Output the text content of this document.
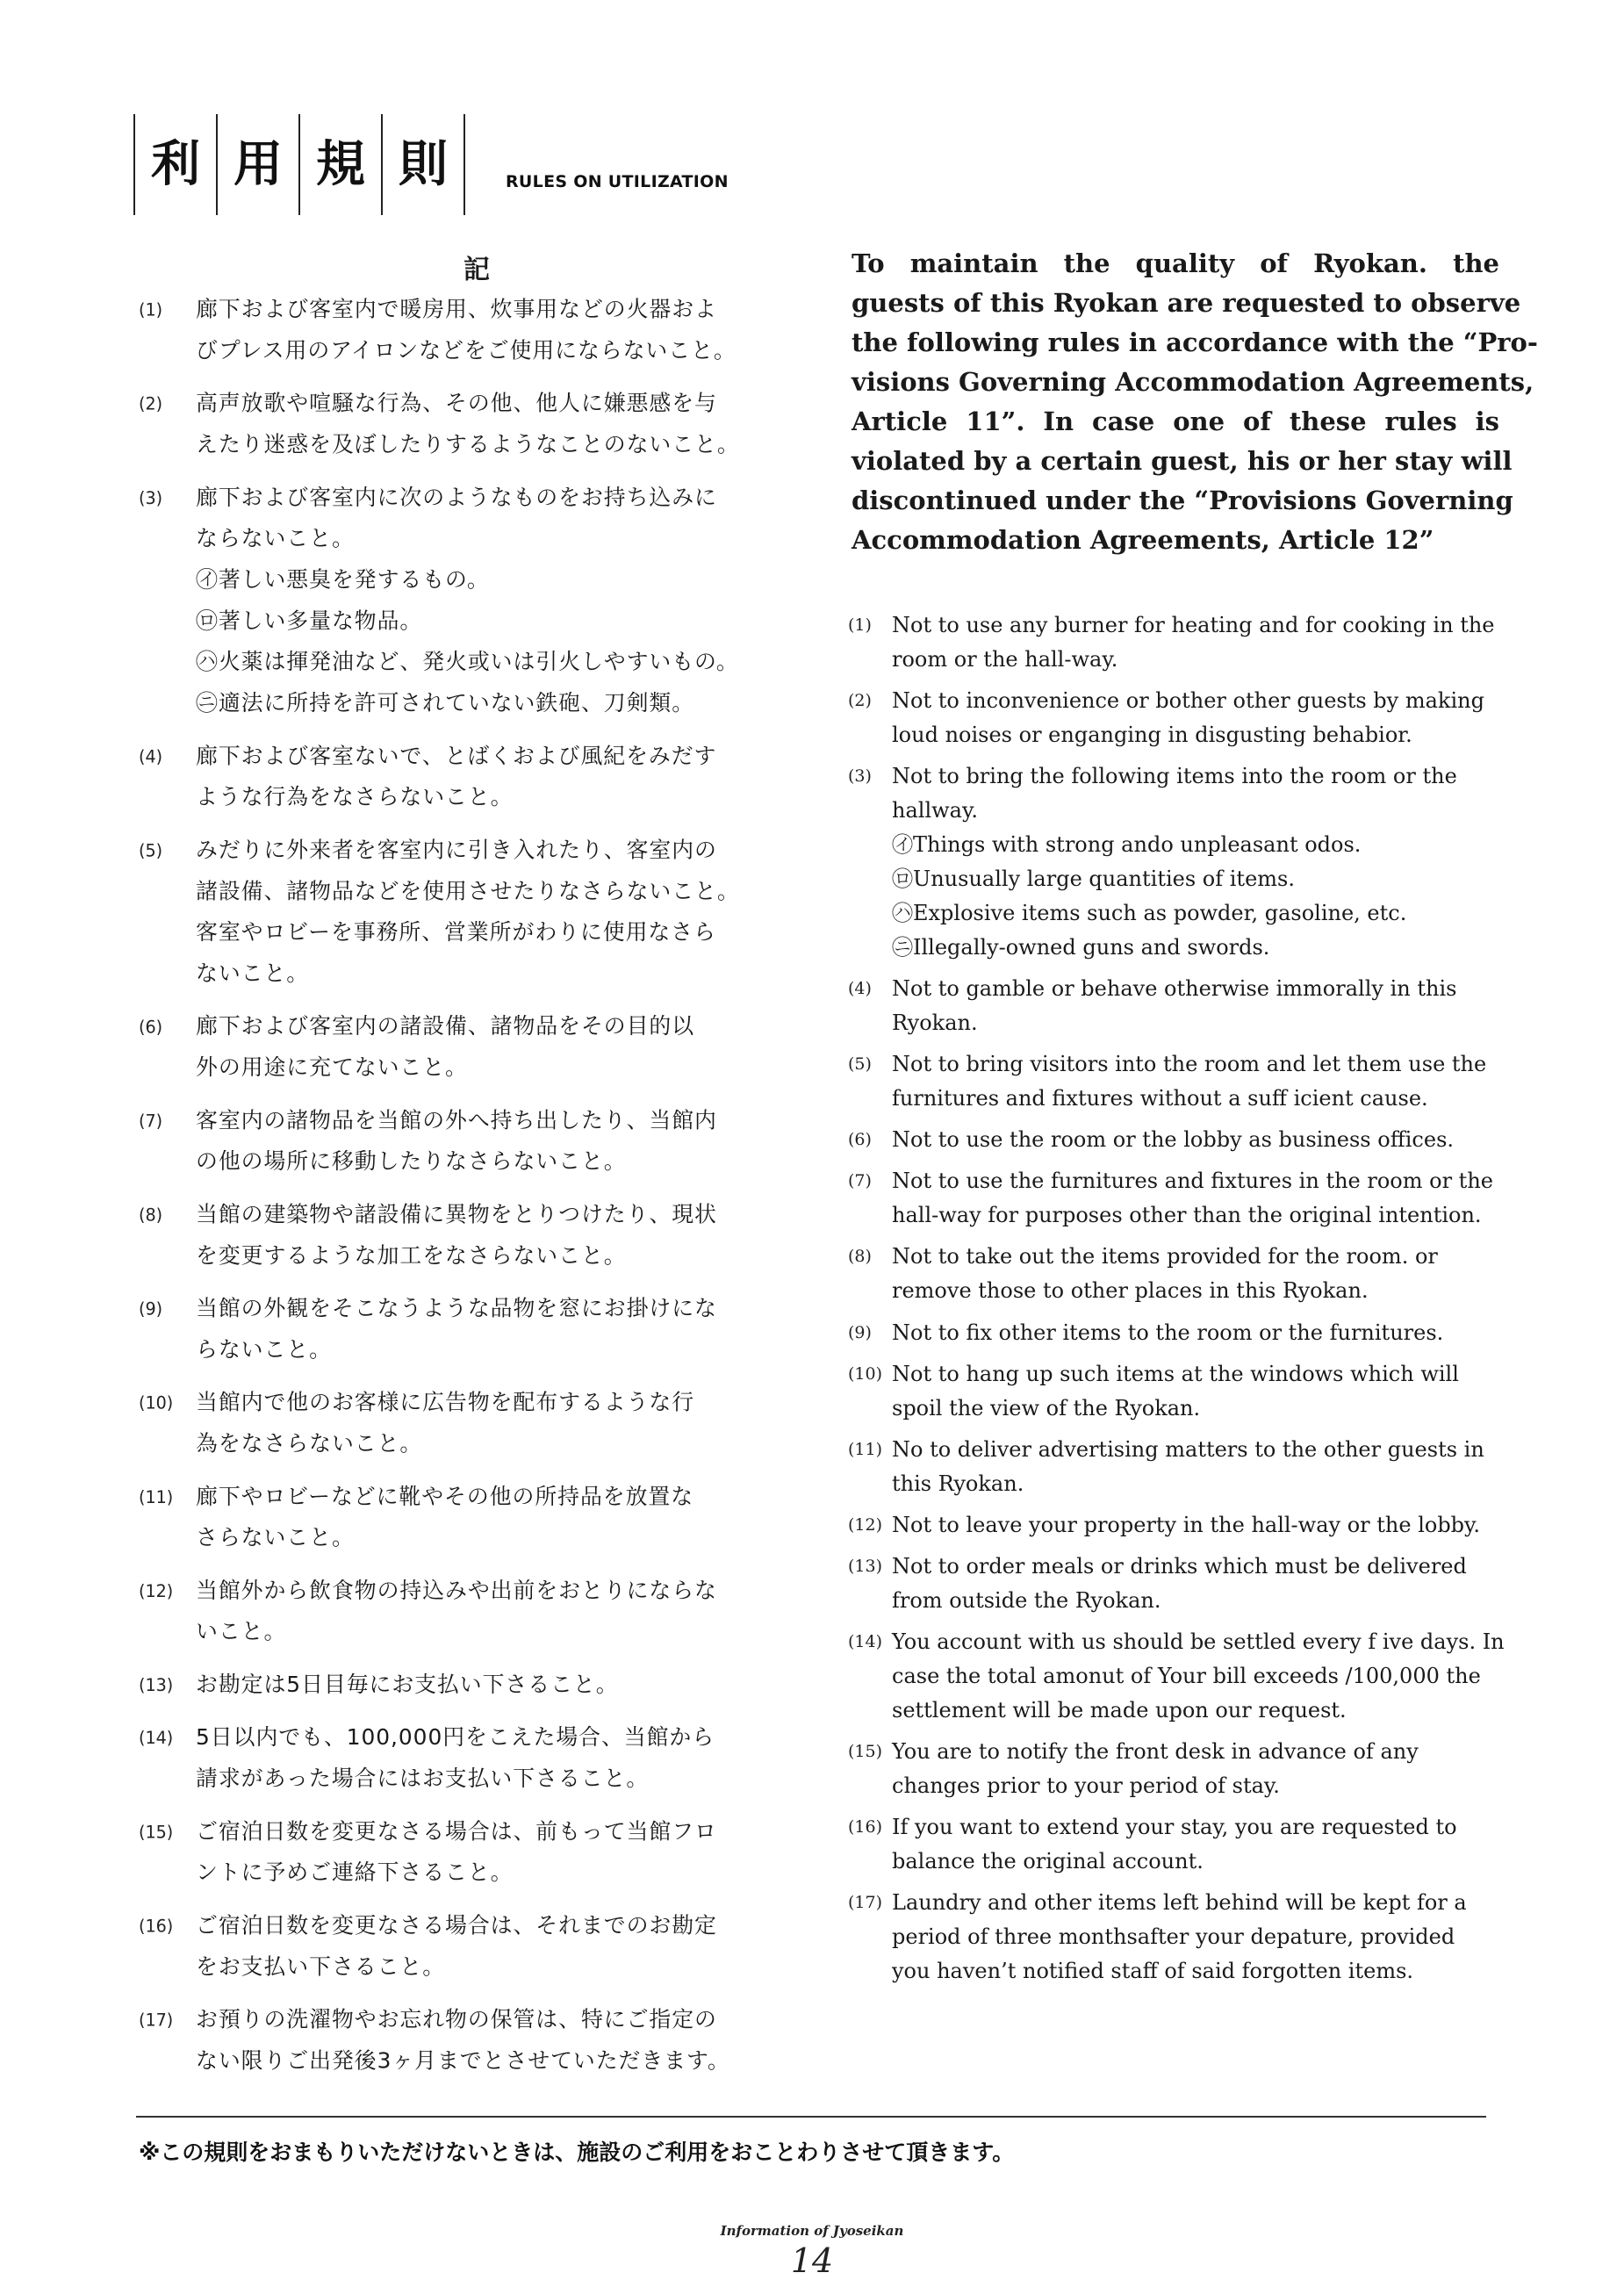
利 用 規 則	RULES ON UTILIZATION
記
(1)	廊下および客室内で暖房用、炊事用などの火器およ
びプレス用のアイロンなどをご使用にならないこと。
(2)	高声放歌や喧騒な行為、その他、他人に嫌悪感を与
えたり迷惑を及ぼしたりするようなことのないこと。
(3)	廊下および客室内に次のようなものをお持ち込みに
ならないこと。
㋑著しい悪臭を発するもの。
㋺著しい多量な物品。
㋩火薬は揮発油など、発火或いは引火しやすいもの。
㋥適法に所持を許可されていない鉄砲、刀剣類。
(4)	廊下および客室ないで、とばくおよび風紀をみだす
ような行為をなさらないこと。
(5)	みだりに外来者を客室内に引き入れたり、客室内の
諸設備、諸物品などを使用させたりなさらないこと。
客室やロビーを事務所、営業所がわりに使用なさら
ないこと。
(6)	廊下および客室内の諸設備、諸物品をその目的以
外の用途に充てないこと。
(7)	客室内の諸物品を当館の外へ持ち出したり、当館内
の他の場所に移動したりなさらないこと。
(8)	当館の建築物や諸設備に異物をとりつけたり、現状
を変更するような加工をなさらないこと。
(9)	当館の外観をそこなうような品物を窓にお掛けにな
らないこと。
(10) 当館内で他のお客様に広告物を配布するような行
為をなさらないこと。
(11) 廊下やロビーなどに靴やその他の所持品を放置な
さらないこと。
(12) 当館外から飲食物の持込みや出前をおとりにならな
いこと。
(13) お勘定は5日目毎にお支払い下さること。
(14) 5日以内でも、100,000円をこえた場合、当館から
請求があった場合にはお支払い下さること。
(15) ご宿泊日数を変更なさる場合は、前もって当館フロ
ントに予めご連絡下さること。
(16) ご宿泊日数を変更なさる場合は、それまでのお勘定
をお支払い下さること。
(17) お預りの洗濯物やお忘れ物の保管は、特にご指定の
ない限りご出発後3ヶ月までとさせていただきます。
To maintain the quality of Ryokan. the
guests of this Ryokan are requested to observe
the following rules in accordance with the “Pro-
visions Governing Accommodation Agreements,
Article 11”. In case one of these rules is
violated by a certain guest, his or her stay will
discontinued under the “Provisions Governing
Accommodation Agreements, Article 12”
(1) Not to use any burner for heating and for cooking in the
room or the hall-way.
(2) Not to inconvenience or bother other guests by making
loud noises or enganging in disgusting behabior.
(3) Not to bring the following items into the room or the
hallway.
㋑Things with strong ando unpleasant odos.
㋺Unusually large quantities of items.
㋩Explosive items such as powder, gasoline, etc.
㋥Illegally-owned guns and swords.
(4) Not to gamble or behave otherwise immorally in this
Ryokan.
(5) Not to bring visitors into the room and let them use the
furnitures and fixtures without a suff icient cause.
(6) Not to use the room or the lobby as business offices.
(7) Not to use the furnitures and fixtures in the room or the
hall-way for purposes other than the original intention.
(8) Not to take out the items provided for the room. or
remove those to other places in this Ryokan.
(9) Not to fix other items to the room or the furnitures.
(10) Not to hang up such items at the windows which will
spoil the view of the Ryokan.
(11) No to deliver advertising matters to the other guests in
this Ryokan.
(12) Not to leave your property in the hall-way or the lobby.
(13) Not to order meals or drinks which must be delivered
from outside the Ryokan.
(14) You account with us should be settled every f ive days. In
case the total amonut of Your bill exceeds /100,000 the
settlement will be made upon our request.
(15) You are to notify the front desk in advance of any
changes prior to your period of stay.
(16) If you want to extend your stay, you are requested to
balance the original account.
(17) Laundry and other items left behind will be kept for a
period of three monthsafter your depature, provided
you haven’t notified staff of said forgotten items.
※この規則をおまもりいただけないときは、施設のご利用をおことわりさせて頂きます。
Information of Jyoseikan
14
